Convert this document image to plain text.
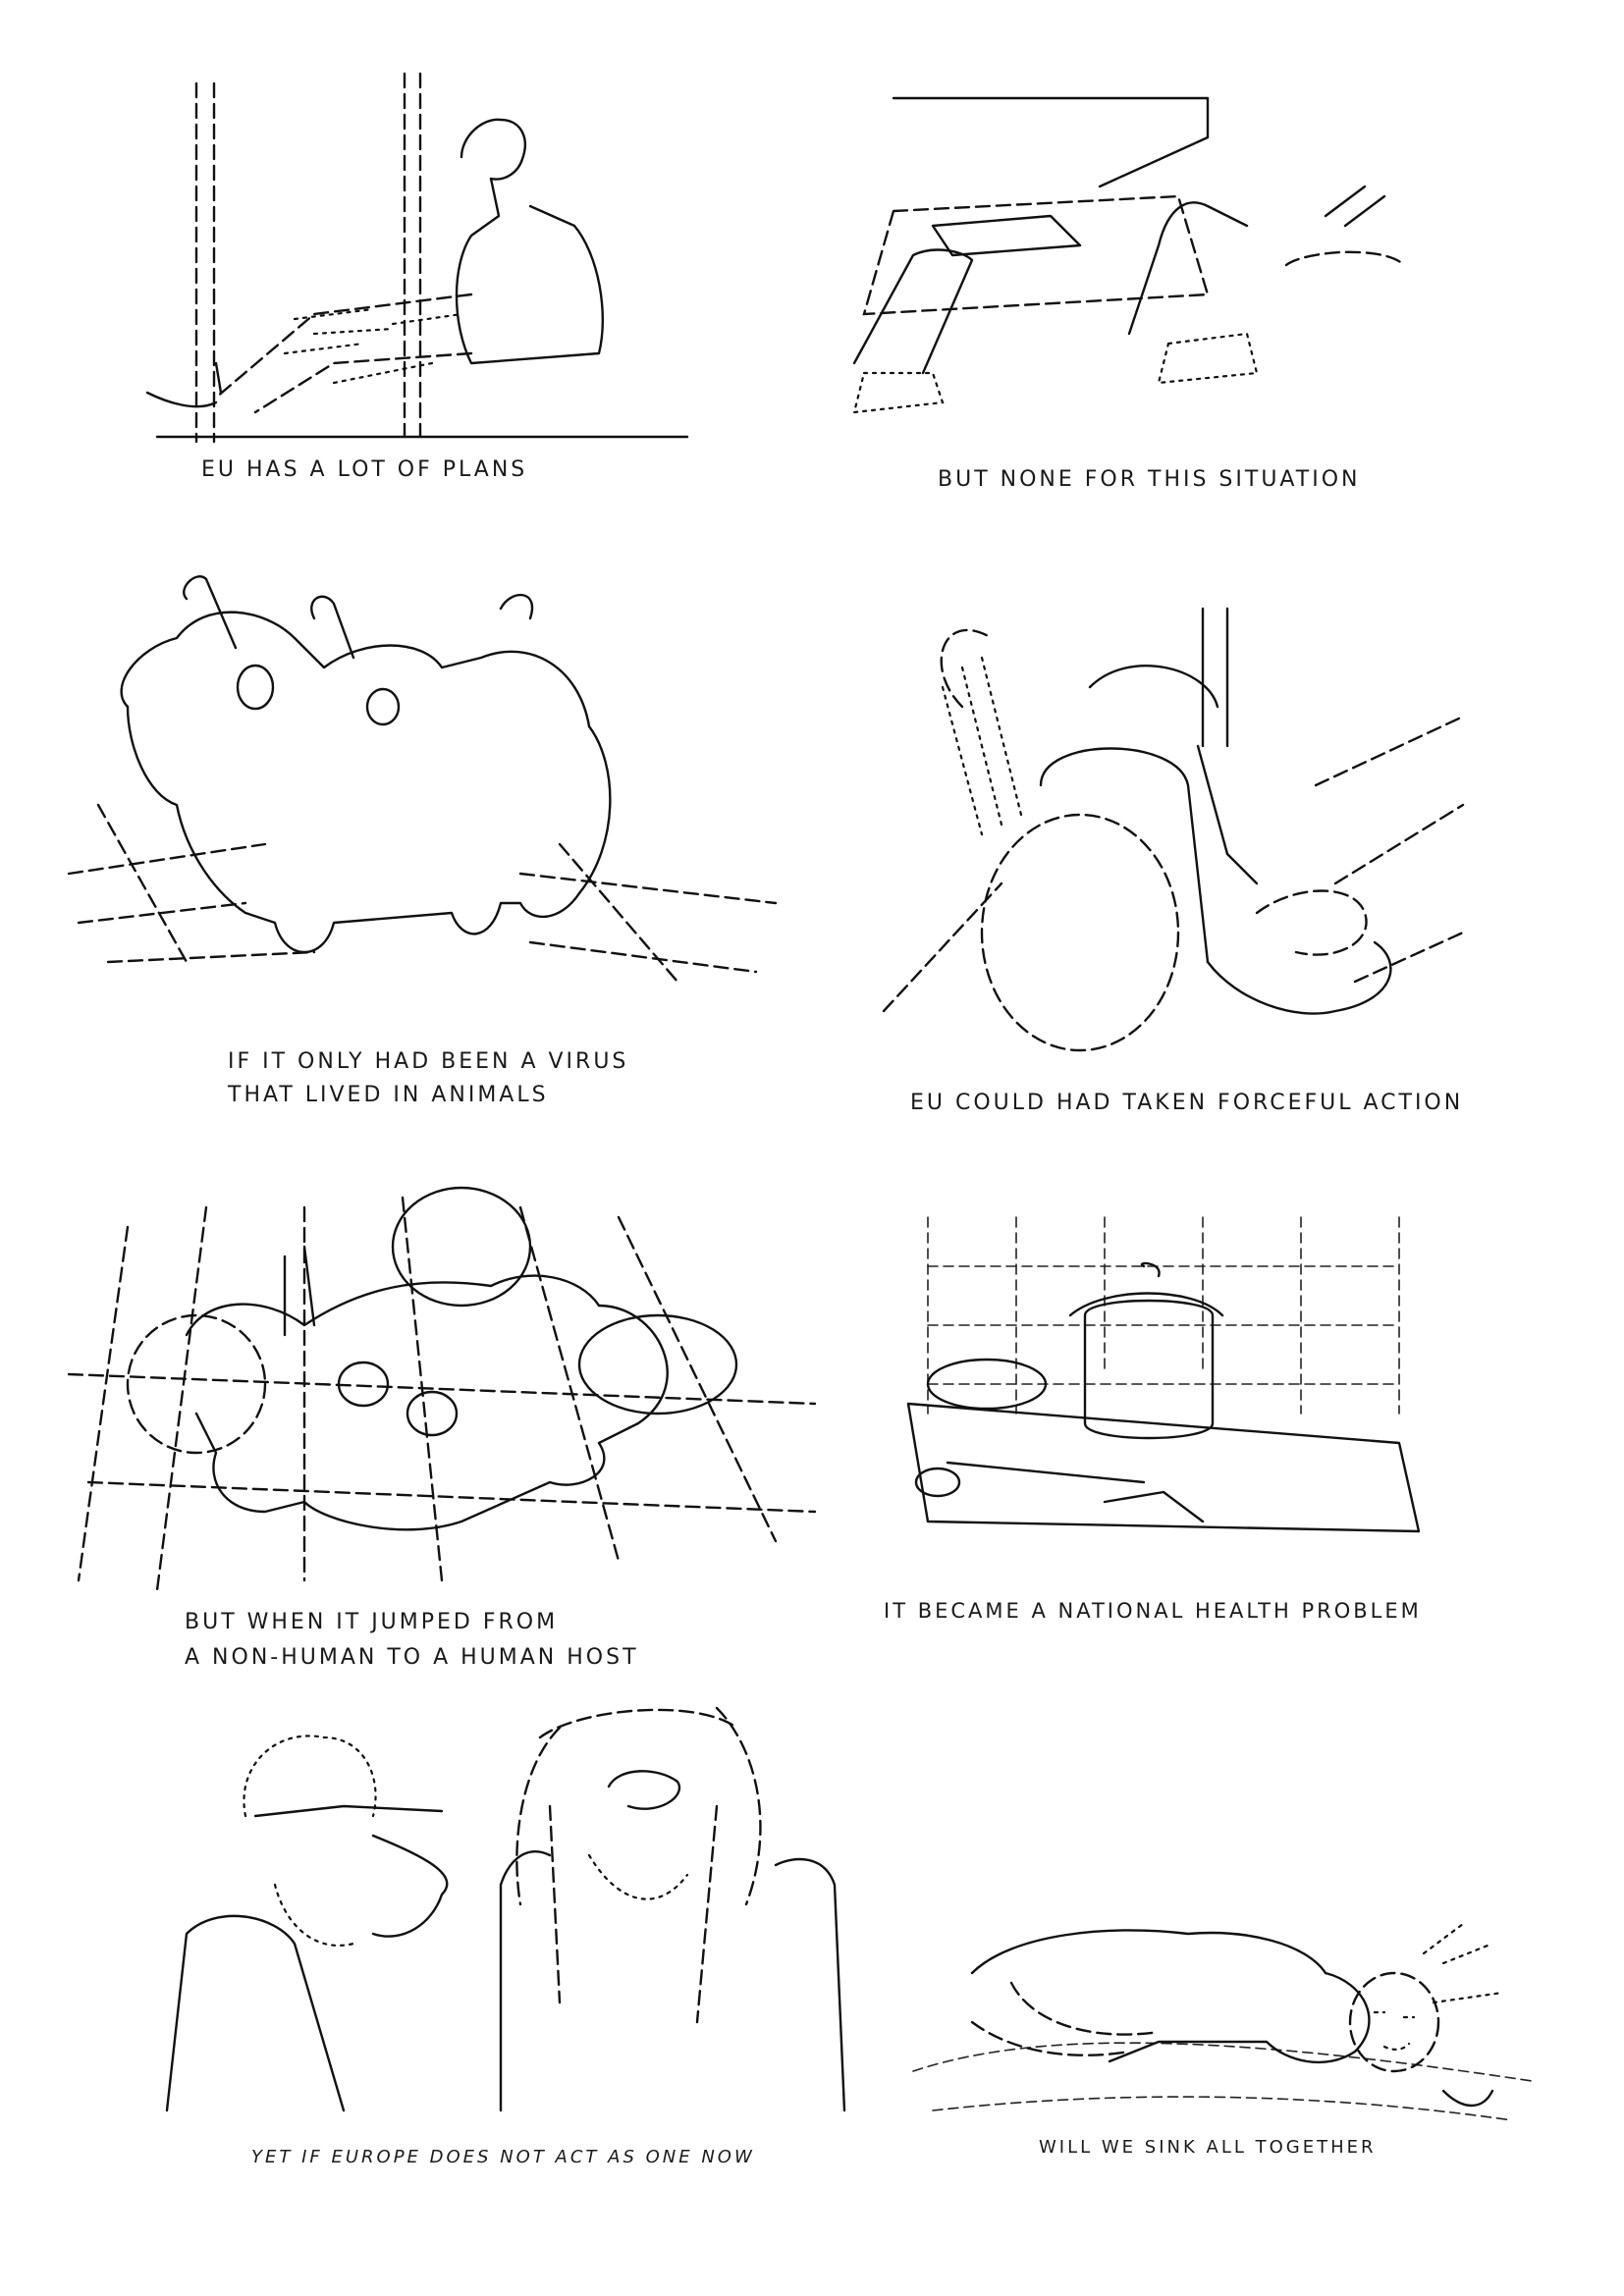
EU HAS A LOT OF PLANS	BUT NONE FOR THIS SITUATION
IF IT ONLY HAD BEEN A VIRUS
THAT LIVED IN ANIMALS	EU COULD HAD TAKEN FORCEFUL ACTION
BUT WHEN IT JUMPED FROM
A NON-HUMAN TO A HUMAN HOST
IT BECAME A NATIONAL HEALTH PROBLEM
YET IF EUROPE DOES NOT ACT AS ONE NOW	WILL WE SINK ALL TOGETHER
